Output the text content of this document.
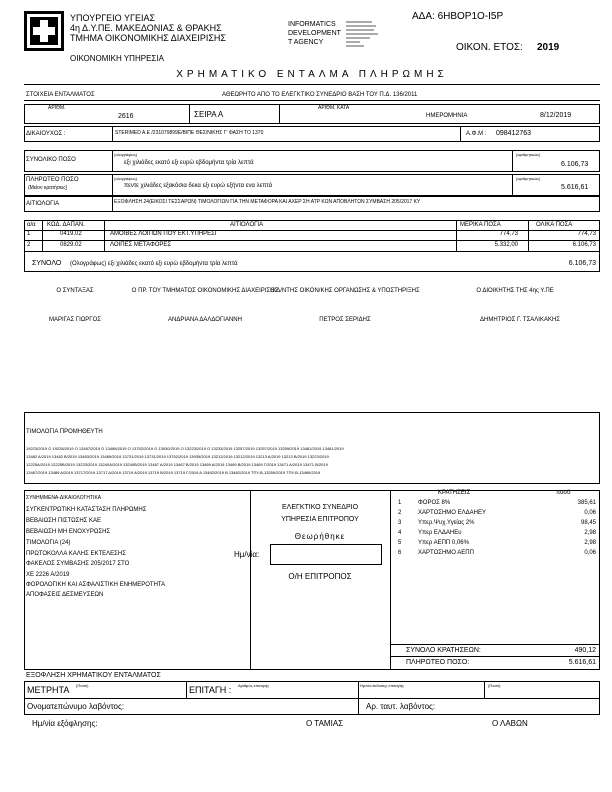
ΥΠΟΥΡΓΕΙΟ ΥΓΕΙΑΣ
4η Δ.Υ.ΠΕ. ΜΑΚΕΔΟΝΙΑΣ & ΘΡΑΚΗΣ
ΤΜΗΜΑ ΟΙΚΟΝΟΜΙΚΗΣ ΔΙΑΧΕΙΡΙΣΗΣ
ΟΙΚΟΝΟΜΙΚΗ ΥΠΗΡΕΣΙΑ
INFORMATICS
DEVELOPMENT
T AGENCY
ΑΔΑ: 6ΗΒΟΡ1Ο-Ι5Ρ
ΟΙΚΟΝ. ΕΤΟΣ: 2019
ΧΡΗΜΑΤΙΚΟ ΕΝΤΑΛΜΑ ΠΛΗΡΩΜΗΣ
ΣΤΟΙΧΕΙΑ ΕΝΤΑΛΜΑΤΟΣ	ΑΘΕΩΡΗΤΟ ΑΠΟ ΤΟ ΕΛΕΓΚΤΙΚΟ ΣΥΝΕΔΡΙΟ ΒΑΣΗ ΤΟΥ Π.Δ. 136/2011
ΑΡΙΘΜ.
2616	ΣΕΙΡΑ Α
ΑΡΙΘΜ. ΚΑΤΑ
ΗΜΕΡΟΜΗΝΙΑ	8/12/2019
ΔΙΚΑΙΟΥΧΟΣ :	STERIMED A.E /231079899Ε/ΒΙΠΕ ΘΕΣ/ΝΙΚΗΣ Γ' ΦΑΣΗ ΤΟ 1370	Α.Φ.Μ : 098412763
ΣΥΝΟΛΙΚΟ ΠΟΣΟ
(ολογράφως)
εξι χιλιάδες εκατό εξι ευρώ εβδομήντα τρία λεπτά
(αριθμητικώς)
6.106,73
ΠΛΗΡΩΤΕΟ ΠΟΣΟ
(Μείον κρατήσεις)
(ολογράφως)
πεντε χιλιάδες εξακόσια δεκα εξι ευρώ εξήντα ενα λεπτά
(αριθμητικώς)
5.616,61
ΑΙΤΙΟΛΟΓΙΑ	ΕΞΟΦΛΗΣΗ 24(ΕΙΚΟΣΙ ΤΕΣΣΑΡΩΝ) ΤΙΜΟΛΟΓΙΩΝ ΓΙΑ ΤΗΝ ΜΕΤΑΦΟΡΑ ΚΑΙ ΑΧΕΡ ΣΗ ΑΤΡ ΚΩΝ ΑΠΟΒΛΗΤΩΝ ΣΥΜΒΑΣΗ 205/2017 ΚΥ
α/α ΚΩΔ. ΔΑΠΑΝ.	ΑΙΤΙΟΛΟΓΙΑ	ΜΕΡΙΚΑ ΠΟΣΑ	ΟΛΙΚΑ ΠΟΣΑ
1	0419.02	ΑΜΟΙΒΕΣ ΛΟΙΠΩΝ ΠΟΥ ΕΚΤ.ΥΠΗΡΕΣΙ	774,73	774,73
2	0829.02	ΛΟΙΠΕΣ ΜΕΤΑΦΟΡΕΣ	5.332,00	6.106,73
ΣΥΝΟΛΟ (Ολογράφως) εξι χιλιάδες εκατό εξι ευρώ εβδομήντα τρία λεπτά	6.106,73
Ο ΣΥΝΤΑΞΑΣ	Ο ΠΡ. ΤΟΥ ΤΜΗΜΑΤΟΣ ΟΙΚΟΝΟΜΙΚΗΣ ΔΙΑΧΕΙΡΙΣΗΣ
Ο Δ/ΝΤΗΣ ΟΙΚΟΝ/ΚΗΣ ΟΡΓΑΝΩΣΗΣ & ΥΠΟΣΤΗΡΙΞΗΣ	Ο ΔΙΟΙΚΗΤΗΣ ΤΗΣ 4ης Υ.ΠΕ
ΜΑΡΙΓΑΣ ΓΙΩΡΓΟΣ	ΑΝΔΡΙΑΝΑ ΔΑΛΔΟΓΙΑΝΝΗ	ΠΕΤΡΟΣ ΣΕΡΙΔΗΣ	ΔΗΜΗΤΡΙΟΣ Γ. ΤΣΑΛΙΚΑΚΗΣ
ΤΙΜΟΛΟΓΙΑ ΠΡΟΜΗΘΕΥΤΗ
19223/2019 Ο 19228/2019 Ο 13487/2019 Ο 13489/2019 Ο 13752/2019 Ο 13930/2019 Ο 13223/2019 Ο 13233/2019 13257/2019 13257/2019 13259/2019 13481/2019 13481/2019
13482 Α/2019 13482 Β/2019 13483/2019 13489/2019 13731/2019 13731/2019 13752/2019 13939/2019 13212/2019 13212/2019 13213 Α/2019 13213 Β/2019 13223/2019
12225Α/2019 12225Β/2019 13233/2019 13240Α/2019 13240Β/2019 13467 Α/2019 13467 Β/2019 13469 Α/2019 13469 Β/2019 13469 Γ/2019 13471 Α/2019 13471 Β/2019
13487/2019 13489 Α/2019 13717/2019 13717 Δ/2019 13719 Α/2019 13719 Β/2019 13719 Γ/2019 Α 13482/2019 Β 13482/2019 ΤΠΥ-Β-13259/2019 ΤΠΥ-Β-13489/2019
ΣΥΝΗΜΜΕΝΑ-ΔΙΚΑΙΟΛΟΓΗΤΙΚΑ
ΣΥΓΚΕΝΤΡΩΤΙΚΗ ΚΑΤΑΣΤΑΣΗ ΠΛΗΡΩΜΗΣ
ΒΕΒΑΙΩΣΗ ΠΙΣΤΩΣΗΣ ΚΑΕ
ΒΕΒΑΙΩΣΗ ΜΗ ΕΝΟΧΥΡΩΣΗΣ
ΤΙΜΟΛΟΓΙΑ (24)
ΠΡΩΤΟΚΟΛΛΑ ΚΑΛΗΣ ΕΚΤΕΛΕΣΗΣ
ΦΑΚΕΛΟΣ ΣΥΜΒΑΣΗΣ 205/2017 ΣΤΟ
ΧΕ 2226 Α/2019
ΦΟΡΟΛΟΓΙΚΗ ΚΑΙ ΑΣΦΑΛΙΣΤΙΚΗ ΕΝΗΜΕΡΟΤΗΤΑ
ΑΠΟΦΑΣΕΙΣ ΔΕΣΜΕΥΣΕΩΝ
ΕΛΕΓΚΤΙΚΟ ΣΥΝΕΔΡΙΟ
ΥΠΗΡΕΣΙΑ ΕΠΙΤΡΟΠΟΥ
Θεωρήθηκε
Ημ/νία:
Ο/Η ΕΠΙΤΡΟΠΟΣ
ΚΡΑΤΗΣΕΙΣ	ποσό
1	ΦΟΡΟΣ 8%	385,61
2	ΧΑΡΤΟΣΗΜΟ ΕΛΔΑΗΕΥ	0,06
3	Υπερ.Ψυχ.Υγείας 2%	98,45
4	Υπερ ΕΛΔΑΗΕυ	2,98
5	Υπερ ΑΕΠΠ 0,06%	2,98
6	ΧΑΡΤΟΣΗΜΟ ΑΕΠΠ	0,06
ΣΥΝΟΛΟ ΚΡΑΤΗΣΕΩΝ:	490,12
ΠΛΗΡΩΤΕΟ ΠΟΣΟ:	5.616,61
ΕΞΟΦΛΗΣΗ ΧΡΗΜΑΤΙΚΟΥ ΕΝΤΑΛΜΑΤΟΣ
ΜΕΤΡΗΤΑ (Ποσό)	ΕΠΙΤΑΓΗ : Αριθμός επιταγής	Ημ/νία έκδοσης επιταγής	(Ποσό)
Ονοματεπώνυμο λαβόντος:	Αρ. ταυτ. λαβόντος:
Ημ/νία εξόφλησης:	Ο ΤΑΜΙΑΣ	Ο ΛΑΒΩΝ
